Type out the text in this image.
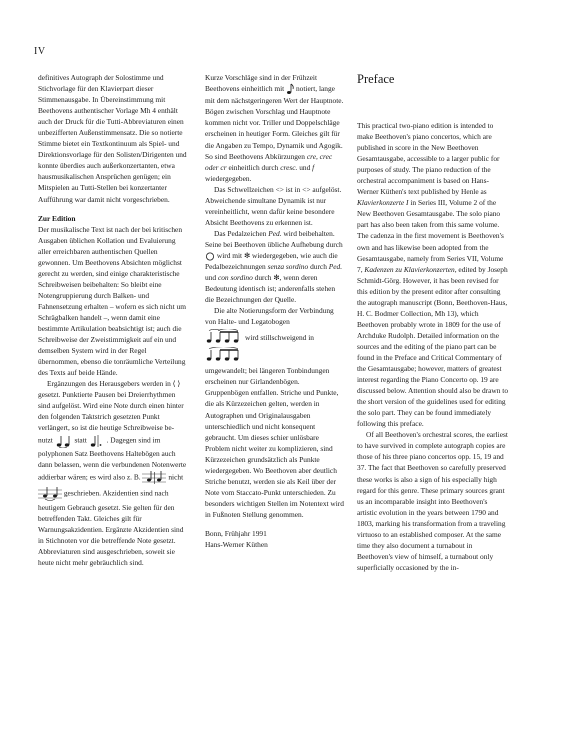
IV

definitives Autograph der Solostimme und Stichvorlage für den Klavierpart dieser Stimmenausgabe. In Übereinstimmung mit Beethovens authentischer Vorlage Mh 4 enthält auch der Druck für die Tutti-Abbreviaturen einen unbezifferten Außenstimmensatz. Die so notierte Stimme bietet ein Textkontinuum als Spiel- und Direktionsvorlage für den Solisten/Dirigenten und konnte überdies auch außerkonzertanten, etwa hausmusikalischen Ansprüchen genügen; ein Mitspielen au Tutti-Stellen bei konzertanter Aufführung war damit nicht vorgeschrieben.

Zur Edition

Der musikalische Text ist nach der bei kritischen Ausgaben üblichen Kollation und Evaluierung aller erreichbaren authentischen Quellen gewonnen. Um Beethovens Absichten möglichst gerecht zu werden, sind einige charakteristische Schreibweisen beibehalten: So bleibt eine Notengruppierung durch Balken- und Fahnensetzung erhalten – wofern es sich nicht um Schrägbalken handelt –, wenn damit eine bestimmte Artikulation beabsichtigt ist; auch die Schreibweise der Zweistimmigkeit auf ein und demselben System wird in der Regel übernommen, ebenso die tonräumliche Verteilung des Texts auf beide Hände.

Ergänzungen des Herausgebers werden in ⟨ ⟩ gesetzt. Punktierte Pausen bei Dreierrhythmen sind aufgelöst. Wird eine Note durch einen hinter den folgenden Taktstrich gesetzten Punkt verlängert, so ist die heutige Schreibweise be-

nutzt	statt	. Dagegen sind im polyphonen Satz Beethovens Haltebögen auch dann belassen, wenn die verbundenen Notenwerte addierbar wären; es wird also z. B.	nicht

geschrieben. Akzidentien sind nach heutigem Gebrauch gesetzt. Sie gelten für den betreffenden Takt. Gleiches gilt für Warnungsakzidentien. Ergänzte Akzidentien sind in Stichnoten vor die betreffende Note gesetzt. Abbreviaturen sind ausgeschrieben, soweit sie heute nicht mehr gebräuchlich sind.

Kurze Vorschläge sind in der Frühzeit Beethovens einheitlich mit notiert, lange mit dem nächstgeringeren Wert der Hauptnote. Bögen zwischen Vorschlag und Hauptnote kommen nicht vor. Triller und Doppelschläge erscheinen in heutiger Form. Gleiches gilt für die Angaben zu Tempo, Dynamik und Agogik. So sind Beethovens Abkürzungen cre, crec oder cr einheitlich durch cresc. und f wiedergegeben.

Das Schwellzeichen <> ist in <> aufgelöst. Abweichende simultane Dynamik ist nur vereinheitlicht, wenn dafür keine besondere Absicht Beethovens zu erkennen ist.

Das Pedalzeichen Ped. wird beibehalten. Seine bei Beethoven übliche Aufhebung durch  wird mit ✻ wiedergegeben, wie auch die Pedalbezeichnungen senza sordino durch Ped. und con sordino durch ✻, wenn deren Bedeutung identisch ist; anderenfalls stehen die Bezeichnungen der Quelle.

Die alte Notierungsform der Verbindung von Halte- und Legatobogen

wird stillschweigend in

umgewandelt; bei längeren Tonbindungen erscheinen nur Girlandenbögen. Gruppenbögen entfallen. Striche und Punkte, die als Kürzezeichen gelten, werden in Autographen und Originalausgaben unterschiedlich und nicht konsequent gebraucht. Um dieses schier unlösbare Problem nicht weiter zu komplizieren, sind Kürzezeichen grundsätzlich als Punkte wiedergegeben. Wo Beethoven aber deutlich Striche benutzt, werden sie als Keil über der Note vom Staccato-Punkt unterschieden. Zu besonders wichtigen Stellen im Notentext wird in Fußnoten Stellung genommen.

Bonn, Frühjahr 1991

Hans-Werner Küthen

Preface

This practical two-piano edition is intended to make Beethoven's piano concertos, which are published in score in the New Beethoven Gesamtausgabe, accessible to a larger public for purposes of study. The piano reduction of the orchestral accompaniment is based on Hans-Werner Küthen's text published by Henle as Klavierkonzerte I in Series III, Volume 2 of the New Beethoven Gesamtausgabe. The solo piano part has also been taken from this same volume. The cadenza in the first movement is Beethoven's own and has likewise been adopted from the Gesamtausgabe, namely from Series VII, Volume 7, Kadenzen zu Klavierkonzerten, edited by Joseph Schmidt-Görg. However, it has been revised for this edition by the present editor after consulting the autograph manuscript (Bonn, Beethoven-Haus, H. C. Bodmer Collection, Mh 13), which Beethoven probably wrote in 1809 for the use of Archduke Rudolph. Detailed information on the sources and the editing of the piano part can be found in the Preface and Critical Commentary of the Gesamtausgabe; however, matters of greatest interest regarding the Piano Concerto op. 19 are discussed below. Attention should also be drawn to the short version of the guidelines used for editing the solo part. They can be found immediately following this preface.

Of all Beethoven's orchestral scores, the earliest to have survived in complete autograph copies are those of his three piano concertos opp. 15, 19 and 37. The fact that Beethoven so carefully preserved these works is also a sign of his especially high regard for this genre. These primary sources grant us an incomparable insight into Beethoven's artistic evolution in the years between 1790 and 1803, marking his transformation from a traveling virtuoso to an established composer. At the same time they also document a turnabout in Beethoven's view of himself, a turnabout only superficially occasioned by the in-
